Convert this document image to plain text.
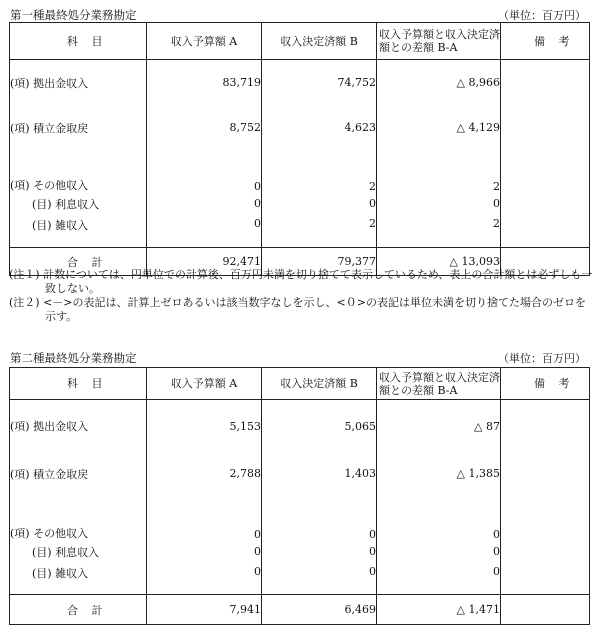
第一種最終処分業務勘定	（単位：百万円）
科 目	収入予算額 A	収入決定済額 B	収入予算額と収入決定済額との差額 B-A	備 考
(項) 拠出金収入	83,719	74,752	△ 8,966	
(項) 積立金取戻	8,752	4,623	△ 4,129	
(項) その他収入	0	2	2	
(目) 利息収入	0	0	0	
(目) 雑収入	0	2	2	
合 計	92,471	79,377	△ 13,093	

(注１) 計数については、円単位での計算後、百万円未満を切り捨てて表示しているため、表上の合計額とは必ずしも一致しない。

(注２) <－>の表記は、計算上ゼロあるいは該当数字なしを示し、<０>の表記は単位未満を切り捨てた場合のゼロを示す。

第二種最終処分業務勘定	（単位：百万円）
科 目	収入予算額 A	収入決定済額 B	収入予算額と収入決定済額との差額 B-A	備 考
(項) 拠出金収入	5,153	5,065	△ 87	
(項) 積立金取戻	2,788	1,403	△ 1,385	
(項) その他収入	0	0	0	
(目) 利息収入	0	0	0	
(目) 雑収入	0	0	0	
合 計	7,941	6,469	△ 1,471	
